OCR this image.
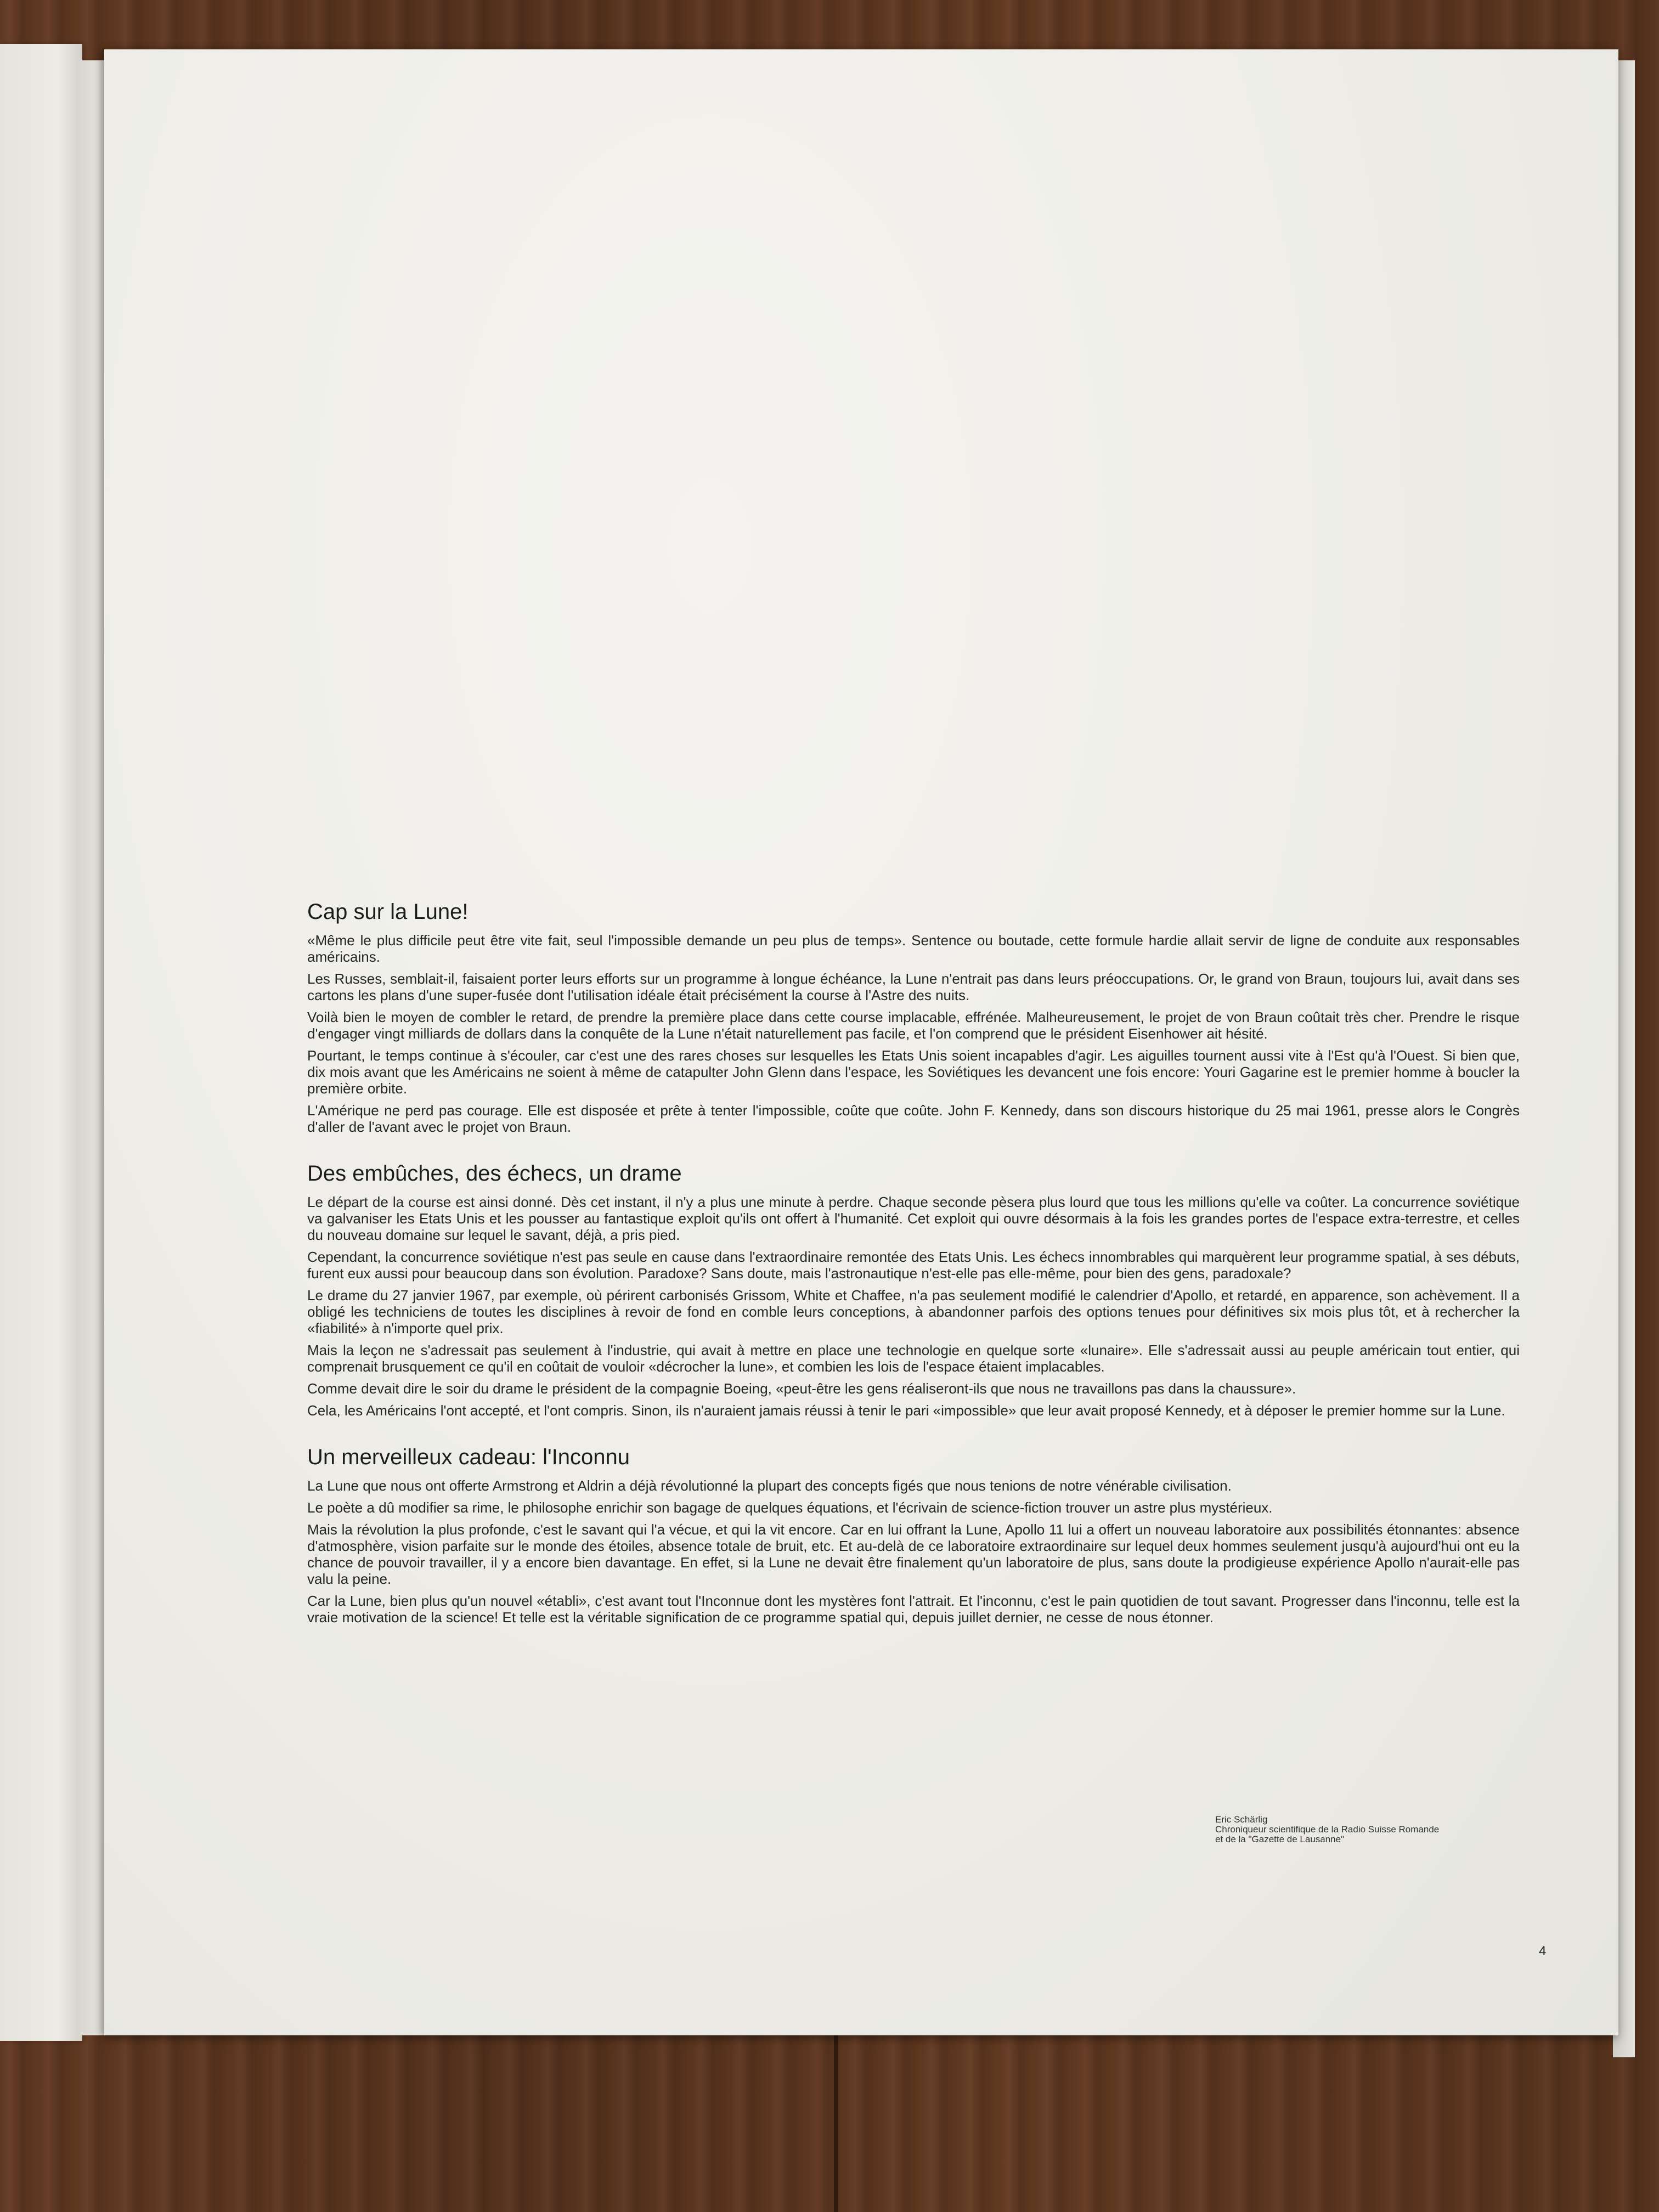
Cap sur la Lune!

«Même le plus difficile peut être vite fait, seul l'impossible demande un peu plus de temps». Sentence ou boutade, cette formule hardie allait servir de ligne de conduite aux responsables américains.

Les Russes, semblait-il, faisaient porter leurs efforts sur un programme à longue échéance, la Lune n'entrait pas dans leurs préoccupations. Or, le grand von Braun, toujours lui, avait dans ses cartons les plans d'une super-fusée dont l'utilisation idéale était précisément la course à l'Astre des nuits.

Voilà bien le moyen de combler le retard, de prendre la première place dans cette course implacable, effrénée. Malheureusement, le projet de von Braun coûtait très cher. Prendre le risque d'engager vingt milliards de dollars dans la conquête de la Lune n'était naturellement pas facile, et l'on comprend que le président Eisenhower ait hésité.

Pourtant, le temps continue à s'écouler, car c'est une des rares choses sur lesquelles les Etats Unis soient incapables d'agir. Les aiguilles tournent aussi vite à l'Est qu'à l'Ouest. Si bien que, dix mois avant que les Américains ne soient à même de catapulter John Glenn dans l'espace, les Soviétiques les devancent une fois encore: Youri Gagarine est le premier homme à boucler la première orbite.

L'Amérique ne perd pas courage. Elle est disposée et prête à tenter l'impossible, coûte que coûte. John F. Kennedy, dans son discours historique du 25 mai 1961, presse alors le Congrès d'aller de l'avant avec le projet von Braun.

Des embûches, des échecs, un drame

Le départ de la course est ainsi donné. Dès cet instant, il n'y a plus une minute à perdre. Chaque seconde pèsera plus lourd que tous les millions qu'elle va coûter. La concurrence soviétique va galvaniser les Etats Unis et les pousser au fantastique exploit qu'ils ont offert à l'humanité. Cet exploit qui ouvre désormais à la fois les grandes portes de l'espace extra-terrestre, et celles du nouveau domaine sur lequel le savant, déjà, a pris pied.

Cependant, la concurrence soviétique n'est pas seule en cause dans l'extraordinaire remontée des Etats Unis. Les échecs innombrables qui marquèrent leur programme spatial, à ses débuts, furent eux aussi pour beaucoup dans son évolution. Paradoxe? Sans doute, mais l'astronautique n'est-elle pas elle-même, pour bien des gens, paradoxale?

Le drame du 27 janvier 1967, par exemple, où périrent carbonisés Grissom, White et Chaffee, n'a pas seulement modifié le calendrier d'Apollo, et retardé, en apparence, son achèvement. Il a obligé les techniciens de toutes les disciplines à revoir de fond en comble leurs conceptions, à abandonner parfois des options tenues pour définitives six mois plus tôt, et à rechercher la «fiabilité» à n'importe quel prix.

Mais la leçon ne s'adressait pas seulement à l'industrie, qui avait à mettre en place une technologie en quelque sorte «lunaire». Elle s'adressait aussi au peuple américain tout entier, qui comprenait brusquement ce qu'il en coûtait de vouloir «décrocher la lune», et combien les lois de l'espace étaient implacables.

Comme devait dire le soir du drame le président de la compagnie Boeing, «peut-être les gens réaliseront-ils que nous ne travaillons pas dans la chaussure».

Cela, les Américains l'ont accepté, et l'ont compris. Sinon, ils n'auraient jamais réussi à tenir le pari «impossible» que leur avait proposé Kennedy, et à déposer le premier homme sur la Lune.

Un merveilleux cadeau: l'Inconnu

La Lune que nous ont offerte Armstrong et Aldrin a déjà révolutionné la plupart des concepts figés que nous tenions de notre vénérable civilisation.

Le poète a dû modifier sa rime, le philosophe enrichir son bagage de quelques équations, et l'écrivain de science-fiction trouver un astre plus mystérieux.

Mais la révolution la plus profonde, c'est le savant qui l'a vécue, et qui la vit encore. Car en lui offrant la Lune, Apollo 11 lui a offert un nouveau laboratoire aux possibilités étonnantes: absence d'atmosphère, vision parfaite sur le monde des étoiles, absence totale de bruit, etc. Et au-delà de ce laboratoire extraordinaire sur lequel deux hommes seulement jusqu'à aujourd'hui ont eu la chance de pouvoir travailler, il y a encore bien davantage. En effet, si la Lune ne devait être finalement qu'un laboratoire de plus, sans doute la prodigieuse expérience Apollo n'aurait-elle pas valu la peine.

Car la Lune, bien plus qu'un nouvel «établi», c'est avant tout l'Inconnue dont les mystères font l'attrait. Et l'inconnu, c'est le pain quotidien de tout savant. Progresser dans l'inconnu, telle est la vraie motivation de la science! Et telle est la véritable signification de ce programme spatial qui, depuis juillet dernier, ne cesse de nous étonner.

Eric Schärlig
Chroniqueur scientifique de la Radio Suisse Romande
et de la "Gazette de Lausanne"
4
